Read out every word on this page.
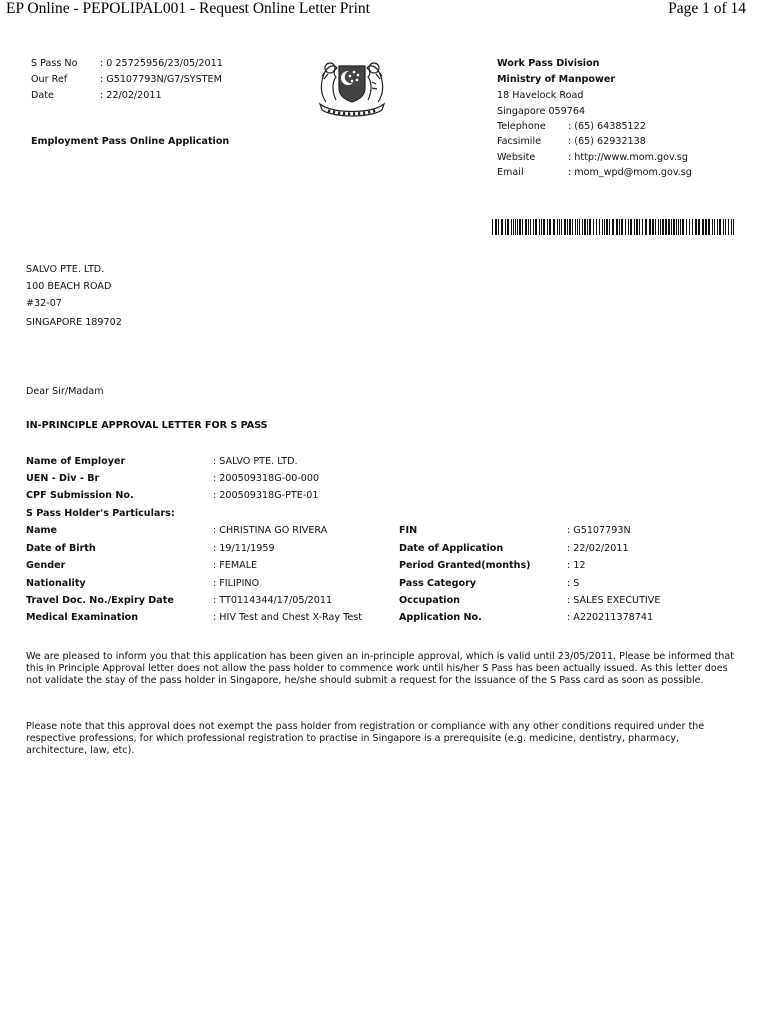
EP Online - PEPOLIPAL001 - Request Online Letter Print	Page 1 of 14
S Pass No : 0 25725956/23/05/2011
Our Ref	: G5107793N/G7/SYSTEM
Date	: 22/02/2011
Employment Pass Online Application
Work Pass Division
Ministry of Manpower
18 Havelock Road
Singapore 059764
Telephone : (65) 64385122
Facsimile	: (65) 62932138
Website	: http://www.mom.gov.sg
Email	: mom_wpd@mom.gov.sg
SALVO PTE. LTD.
100 BEACH ROAD
#32-07
SINGAPORE 189702
Dear Sir/Madam
IN-PRINCIPLE APPROVAL LETTER FOR S PASS
Name of Employer	: SALVO PTE. LTD.
UEN - Div - Br	: 200509318G-00-000
CPF Submission No.	: 200509318G-PTE-01
S Pass Holder's Particulars:
Name	: CHRISTINA GO RIVERA	FIN	: G5107793N
Date of Birth	: 19/11/1959	Date of Application	: 22/02/2011
Gender	: FEMALE	Period Granted(months)	: 12
Nationality	: FILIPINO	Pass Category	: S
Travel Doc. No./Expiry Date	: TT0114344/17/05/2011	Occupation	: SALES EXECUTIVE
Medical Examination	: HIV Test and Chest X-Ray Test	Application No.	: A220211378741
We are pleased to inform you that this application has been given an in-principle approval, which is valid until 23/05/2011. Please be informed that this In Principle Approval letter does not allow the pass holder to commence work until his/her S Pass has been actually issued. As this letter does not validate the stay of the pass holder in Singapore, he/she should submit a request for the issuance of the S Pass card as soon as possible.
Please note that this approval does not exempt the pass holder from registration or compliance with any other conditions required under the respective professions, for which professional registration to practise in Singapore is a prerequisite (e.g. medicine, dentistry, pharmacy, architecture, law, etc).
